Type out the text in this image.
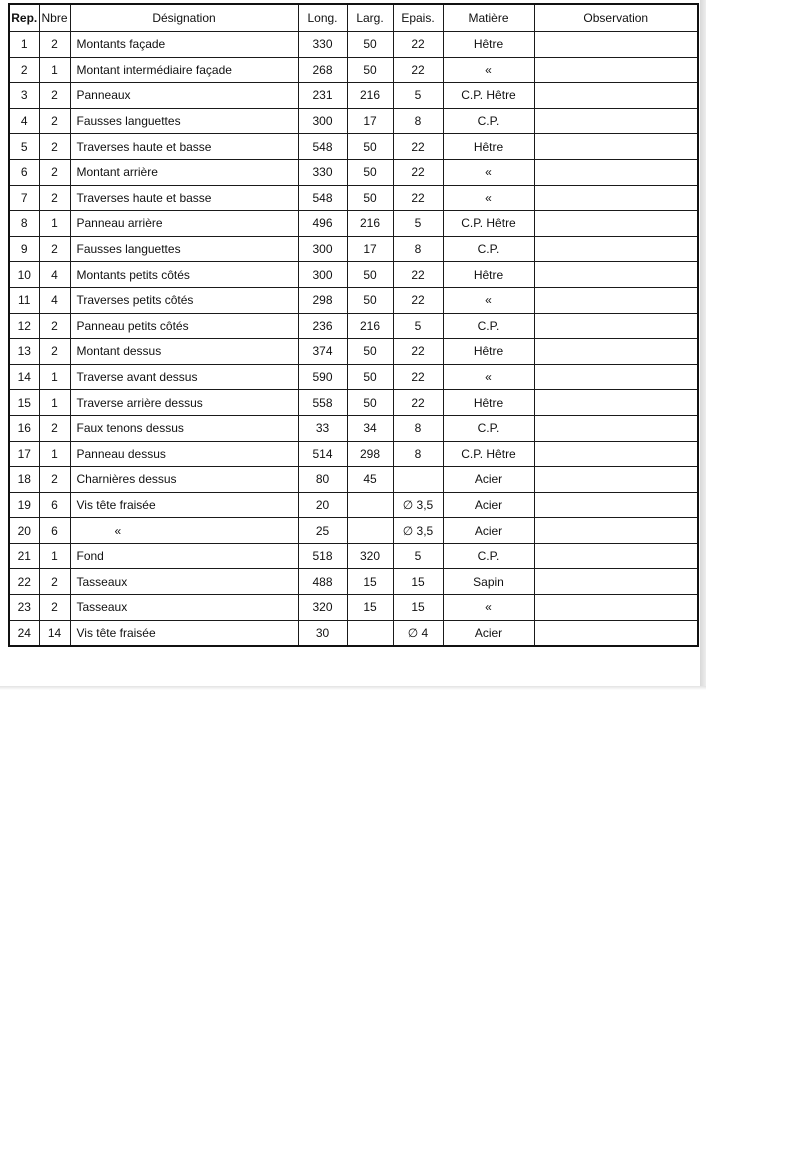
Rep.	Nbre	Désignation	Long.	Larg.	Epais.	Matière	Observation
1	2	Montants façade	330	50	22	Hêtre	
2	1	Montant intermédiaire façade	268	50	22	«	
3	2	Panneaux	231	216	5	C.P. Hêtre	
4	2	Fausses languettes	300	17	8	C.P.	
5	2	Traverses haute et basse	548	50	22	Hêtre	
6	2	Montant arrière	330	50	22	«	
7	2	Traverses haute et basse	548	50	22	«	
8	1	Panneau arrière	496	216	5	C.P. Hêtre	
9	2	Fausses languettes	300	17	8	C.P.	
10	4	Montants petits côtés	300	50	22	Hêtre	
11	4	Traverses petits côtés	298	50	22	«	
12	2	Panneau petits côtés	236	216	5	C.P.	
13	2	Montant dessus	374	50	22	Hêtre	
14	1	Traverse avant dessus	590	50	22	«	
15	1	Traverse arrière dessus	558	50	22	Hêtre	
16	2	Faux tenons dessus	33	34	8	C.P.	
17	1	Panneau dessus	514	298	8	C.P. Hêtre	
18	2	Charnières dessus	80	45		Acier	
19	6	Vis tête fraisée	20		∅ 3,5	Acier	
20	6	«	25		∅ 3,5	Acier	
21	1	Fond	518	320	5	C.P.	
22	2	Tasseaux	488	15	15	Sapin	
23	2	Tasseaux	320	15	15	«	
24	14	Vis tête fraisée	30		∅ 4	Acier	
